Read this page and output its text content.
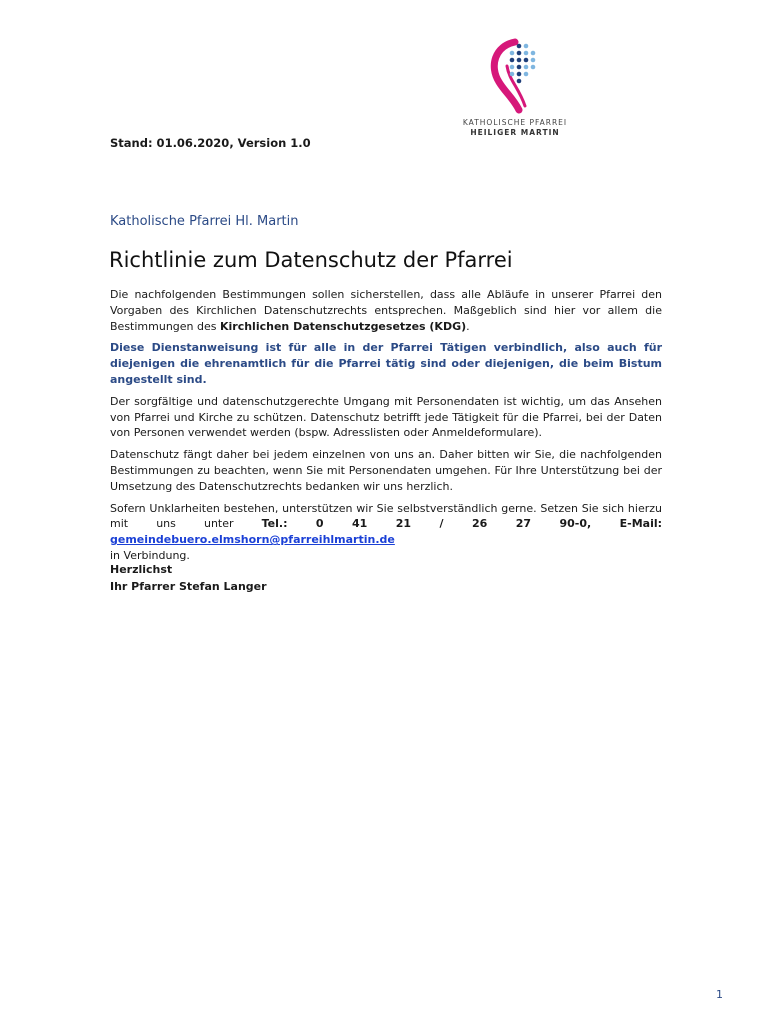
KATHOLISCHE PFARREI
HEILIGER MARTIN
Stand: 01.06.2020, Version 1.0
Katholische Pfarrei Hl. Martin
Richtlinie zum Datenschutz der Pfarrei

Die nachfolgenden Bestimmungen sollen sicherstellen, dass alle Abläufe in unserer Pfarrei den Vorgaben des Kirchlichen Datenschutzrechts entsprechen. Maßgeblich sind hier vor allem die Bestimmungen des Kirchlichen Datenschutzgesetzes (KDG).

Diese Dienstanweisung ist für alle in der Pfarrei Tätigen verbindlich, also auch für diejenigen die ehrenamtlich für die Pfarrei tätig sind oder diejenigen, die beim Bistum angestellt sind.

Der sorgfältige und datenschutzgerechte Umgang mit Personendaten ist wichtig, um das Ansehen von Pfarrei und Kirche zu schützen. Datenschutz betrifft jede Tätigkeit für die Pfarrei, bei der Daten von Personen verwendet werden (bspw. Adresslisten oder Anmeldeformulare).

Datenschutz fängt daher bei jedem einzelnen von uns an. Daher bitten wir Sie, die nachfolgenden Bestimmungen zu beachten, wenn Sie mit Personendaten umgehen. Für Ihre Unterstützung bei der Umsetzung des Datenschutzrechts bedanken wir uns herzlich.

Sofern Unklarheiten bestehen, unterstützen wir Sie selbstverständlich gerne. Setzen Sie sich hierzu mit uns unter Tel.: 0 41 21 / 26 27 90-0, E-Mail: gemeindebuero.elmshorn@pfarreihlmartin.de
in Verbindung.

Herzlichst
Ihr Pfarrer Stefan Langer
1
